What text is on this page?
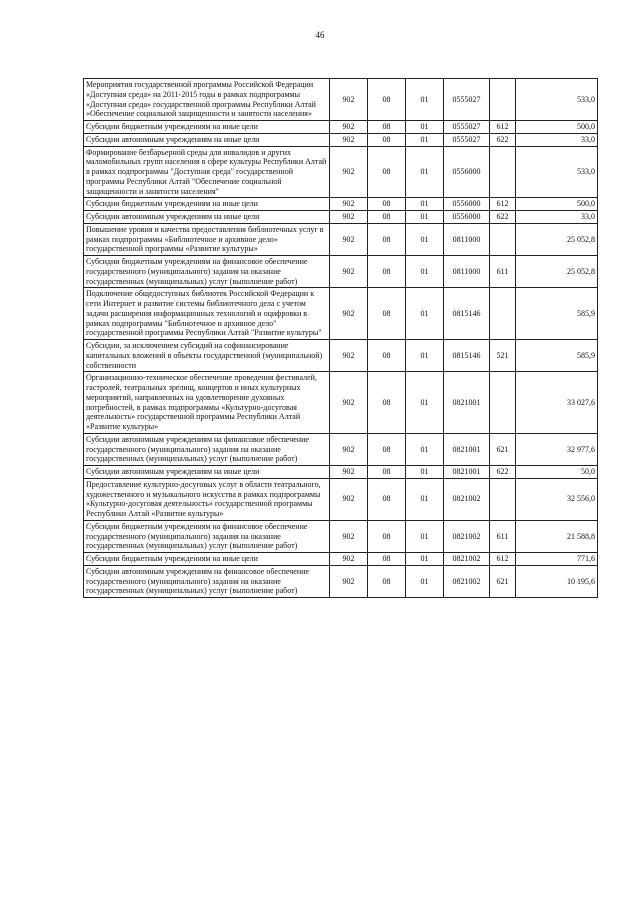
46
Мероприятия государственной программы Российской Федерации «Доступная среда» на 2011-2015 годы в рамках подпрограммы «Доступная среда» государственной программы Республики Алтай «Обеспечение социальной защищенности и занятости населения»	902	08	01	0555027		533,0
Субсидии бюджетным учреждениям на иные цели	902	08	01	0555027	612	500,0
Субсидии автономным учреждениям на иные цели	902	08	01	0555027	622	33,0
Формирование безбарьерной среды для инвалидов и других маломобильных групп населения в сфере культуры Республики Алтай в рамках подпрограммы "Доступная среда" государственной программы Республики Алтай "Обеспечение социальной защищенности и занятости населения"	902	08	01	0556000		533,0
Субсидии бюджетным учреждениям на иные цели	902	08	01	0556000	612	500,0
Субсидии автономным учреждениям на иные цели	902	08	01	0556000	622	33,0
Повышение уровня и качества предоставления библиотечных услуг в рамках подпрограммы «Библиотечное и архивное дело» государственной программы «Развитие культуры»	902	08	01	0811000		25 052,8
Субсидии бюджетным учреждениям на финансовое обеспечение государственного (муниципального) задания на оказание государственных (муниципальных) услуг (выполнение работ)	902	08	01	0811000	611	25 052,8
Подключение общедоступных библиотек Российской Федерации к сети Интернет и развитие системы библиотечного дела с учетом задачи расширения информационных технологий и оцифровки в рамках подпрограммы "Библиотечное и архивное дело" государственной программы Республики Алтай "Развитие культуры"	902	08	01	0815146		585,9
Субсидии, за исключением субсидий на софинансирование капитальных вложений в объекты государственной (муниципальной) собственности	902	08	01	0815146	521	585,9
Организационно-техническое обеспечение проведения фестивалей, гастролей, театральных зрелищ, концертов и иных культурных мероприятий, направленных на удовлетворение духовных потребностей, в рамках подпрограммы «Культурно-досуговая деятельность» государственной программы Республики Алтай «Развитие культуры»	902	08	01	0821001		33 027,6
Субсидии автономным учреждениям на финансовое обеспечение государственного (муниципального) задания на оказание государственных (муниципальных) услуг (выполнение работ)	902	08	01	0821001	621	32 977,6
Субсидии автономным учреждениям на иные цели	902	08	01	0821001	622	50,0
Предоставление культурно-досуговых услуг в области театрального, художественного и музыкального искусства в рамках подпрограммы «Культурно-досуговая деятельность» государственной программы Республики Алтай «Развитие культуры»	902	08	01	0821002		32 556,0
Субсидии бюджетным учреждениям на финансовое обеспечение государственного (муниципального) задания на оказание государственных (муниципальных) услуг (выполнение работ)	902	08	01	0821002	611	21 588,8
Субсидии бюджетным учреждениям на иные цели	902	08	01	0821002	612	771,6
Субсидии автономным учреждениям на финансовое обеспечение государственного (муниципального) задания на оказание государственных (муниципальных) услуг (выполнение работ)	902	08	01	0821002	621	10 195,6
